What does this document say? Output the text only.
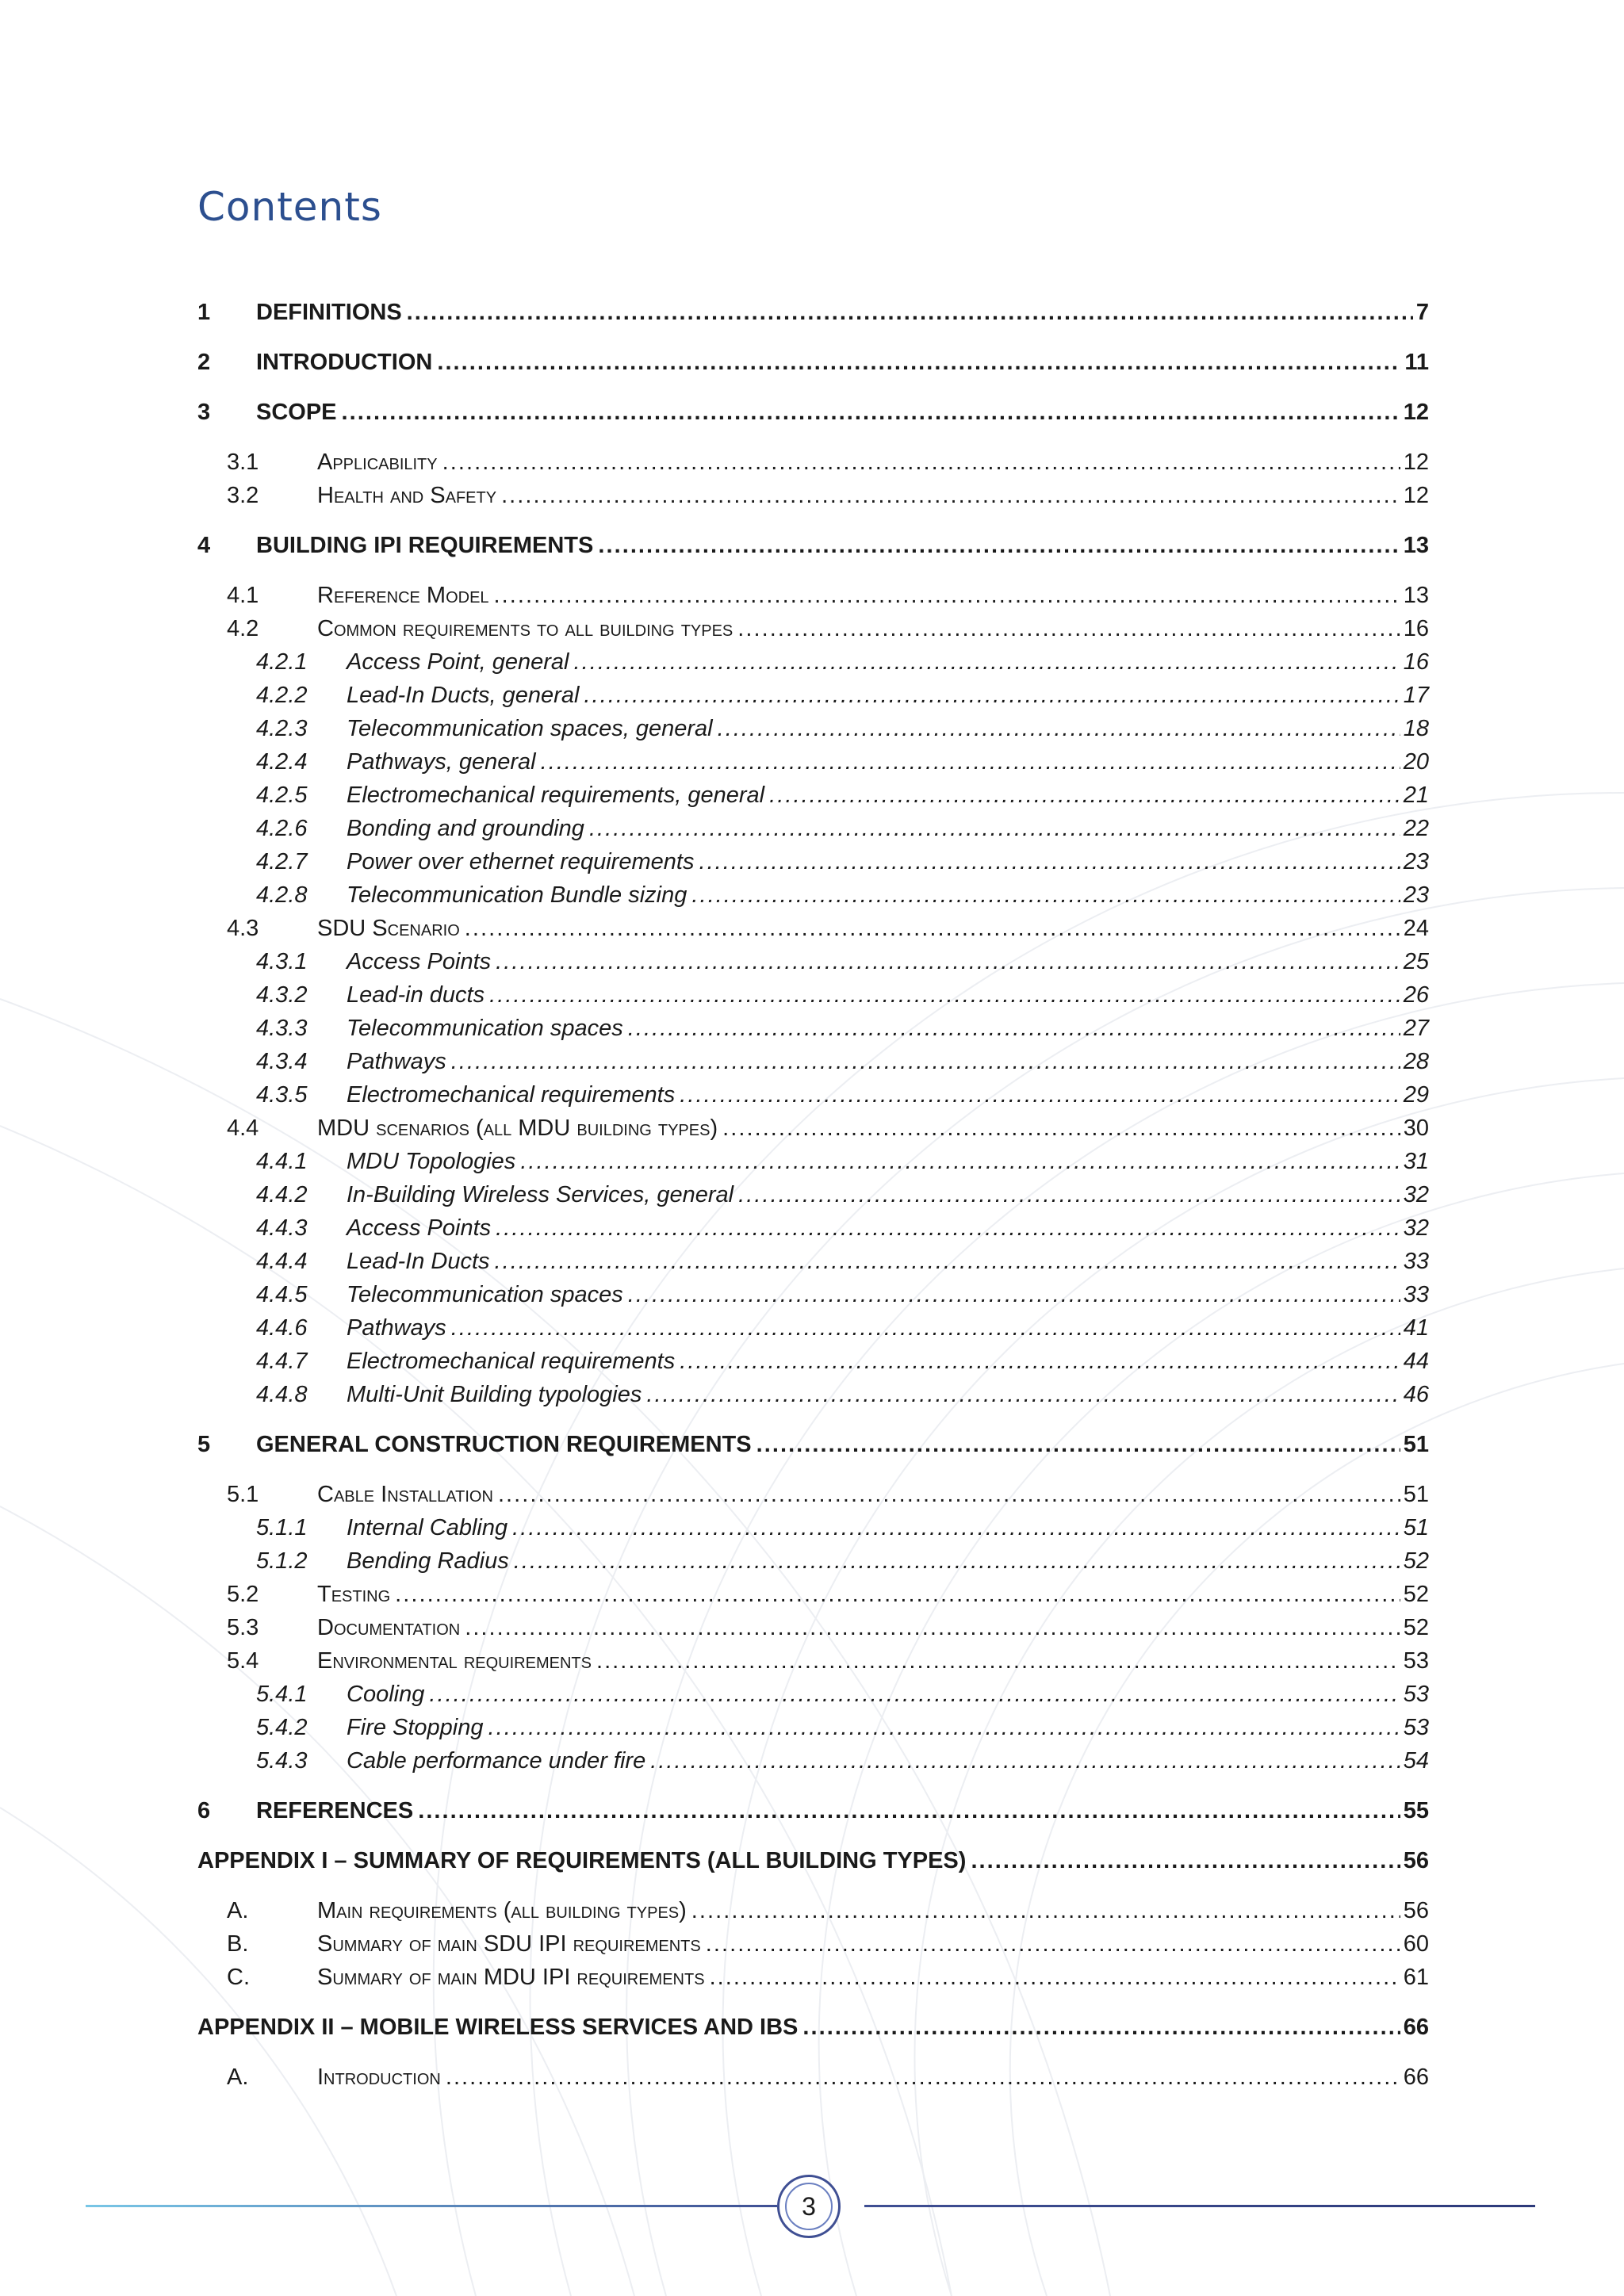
Contents
1 DEFINITIONS . . .	7
2 INTRODUCTION . . .	11
3 SCOPE . . .	12
3.1	Applicability . . .	12
3.2	Health and Safety . . .	12
4 BUILDING IPI REQUIREMENTS . . .	13
4.1	Reference Model . . .	13
4.2	Common requirements to all building types . . .	16
4.2.1 Access Point, general . . .	16
4.2.2 Lead-In Ducts, general . . .	17
4.2.3 Telecommunication spaces, general . . .	18
4.2.4 Pathways, general . . .	20
4.2.5 Electromechanical requirements, general . . .	21
4.2.6 Bonding and grounding . . .	22
4.2.7 Power over ethernet requirements . . .	23
4.2.8 Telecommunication Bundle sizing . . .	23
4.3	SDU Scenario . . .	24
4.3.1 Access Points . . .	25
4.3.2 Lead-in ducts . . .	26
4.3.3 Telecommunication spaces . . .	27
4.3.4 Pathways . . .	28
4.3.5 Electromechanical requirements . . .	29
4.4	MDU scenarios (all MDU building types) . . .	30
4.4.1 MDU Topologies . . .	31
4.4.2 In-Building Wireless Services, general . . .	32
4.4.3 Access Points . . .	32
4.4.4 Lead-In Ducts . . .	33
4.4.5 Telecommunication spaces . . .	33
4.4.6 Pathways . . .	41
4.4.7 Electromechanical requirements . . .	44
4.4.8 Multi-Unit Building typologies . . .	46
5 GENERAL CONSTRUCTION REQUIREMENTS . . .	51
5.1	Cable Installation . . .	51
5.1.1 Internal Cabling . . .	51
5.1.2 Bending Radius . . .	52
5.2	Testing . . .	52
5.3	Documentation . . .	52
5.4	Environmental requirements . . .	53
5.4.1 Cooling . . .	53
5.4.2 Fire Stopping . . .	53
5.4.3 Cable performance under fire . . .	54
6 REFERENCES . . .	55
APPENDIX I – SUMMARY OF REQUIREMENTS (ALL BUILDING TYPES) . . .	56
A.	Main requirements (all building types) . . .	56
B.	Summary of main SDU IPI requirements . . .	60
C.	Summary of main MDU IPI requirements . . .	61
APPENDIX II – MOBILE WIRELESS SERVICES AND IBS . . .	66
A.	Introduction . . .	66
3
